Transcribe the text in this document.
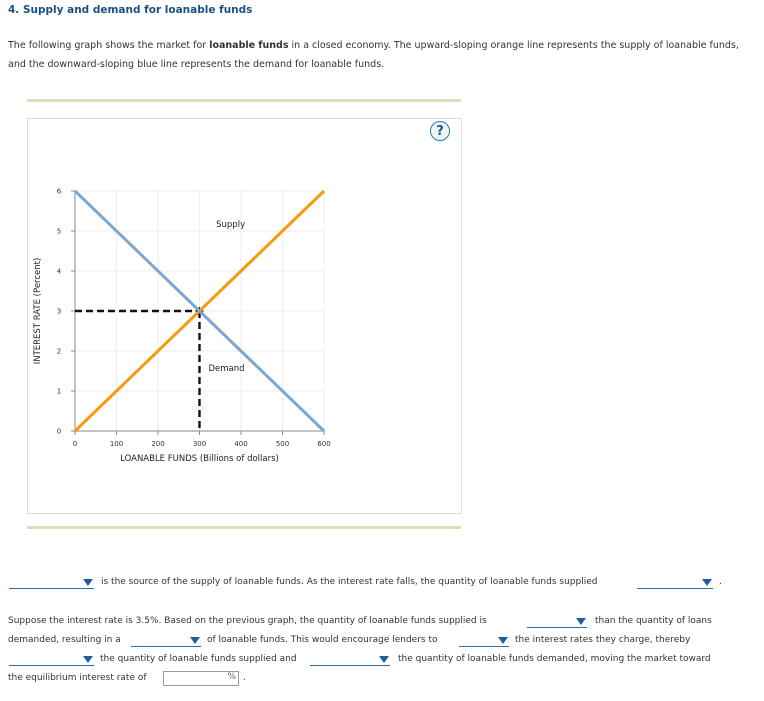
4. Supply and demand for loanable funds
The following graph shows the market for loanable funds in a closed economy. The upward-sloping orange line represents the supply of loanable funds, and the downward-sloping blue line represents the demand for loanable funds.
?
0	100	200	300	400	500	600
0
1
2
3
4
5
6
LOANABLE FUNDS (Billions of dollars)
INTEREST RATE (Percent)
Supply
Demand
is the source of the supply of loanable funds. As the interest rate falls, the quantity of loanable funds supplied	.
Suppose the interest rate is 3.5%. Based on the previous graph, the quantity of loanable funds supplied is	than the quantity of loans
demanded, resulting in a	of loanable funds. This would encourage lenders to	the interest rates they charge, thereby
the quantity of loanable funds supplied and	the quantity of loanable funds demanded, moving the market toward
the equilibrium interest rate of	% .
